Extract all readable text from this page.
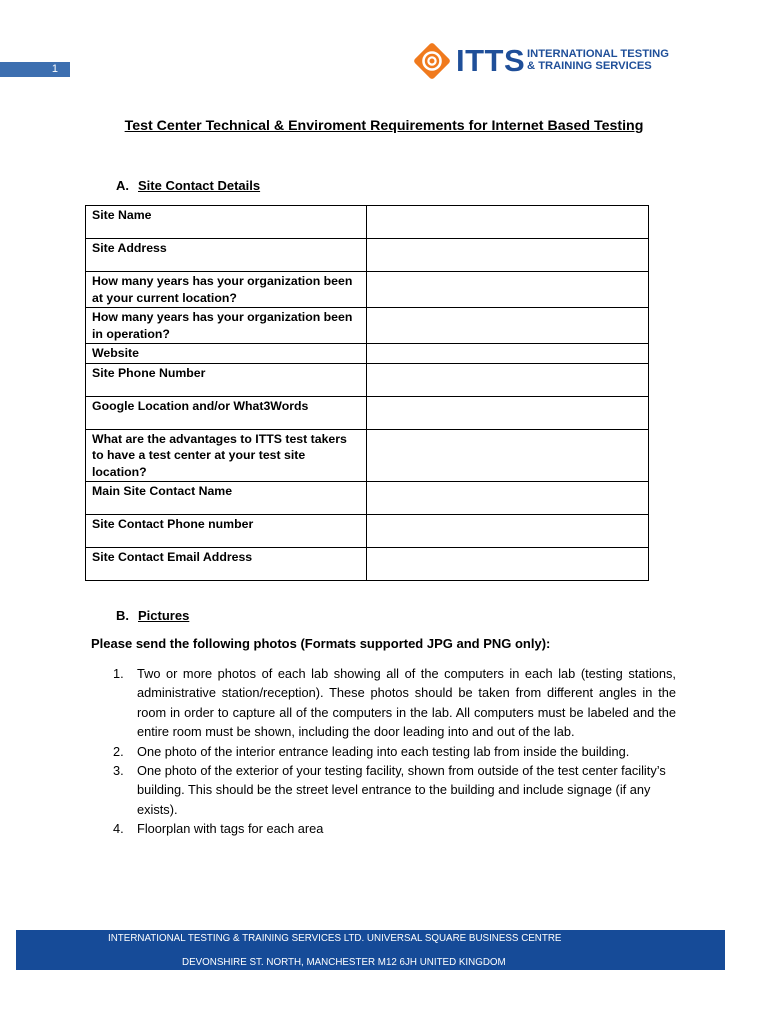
1	ITTS INTERNATIONAL TESTING
& TRAINING SERVICES
Test Center Technical & Enviroment Requirements for Internet Based Testing
A. Site Contact Details
Site Name	
Site Address	
How many years has your organization been at your current location?	
How many years has your organization been in operation?	
Website	
Site Phone Number	
Google Location and/or What3Words	
What are the advantages to ITTS test takers to have a test center at your test site location?	
Main Site Contact Name	
Site Contact Phone number	
Site Contact Email Address	
B. Pictures
Please send the following photos (Formats supported JPG and PNG only):
1. Two or more photos of each lab showing all of the computers in each lab (testing stations, administrative station/reception). These photos should be taken from different angles in the room in order to capture all of the computers in the lab. All computers must be labeled and the entire room must be shown, including the door leading into and out of the lab.
2. One photo of the interior entrance leading into each testing lab from inside the building.
3. One photo of the exterior of your testing facility, shown from outside of the test center facility’s building. This should be the street level entrance to the building and include signage (if any exists).
4. Floorplan with tags for each area
INTERNATIONAL TESTING & TRAINING SERVICES LTD. UNIVERSAL SQUARE BUSINESS CENTRE
DEVONSHIRE ST. NORTH, MANCHESTER M12 6JH UNITED KINGDOM
